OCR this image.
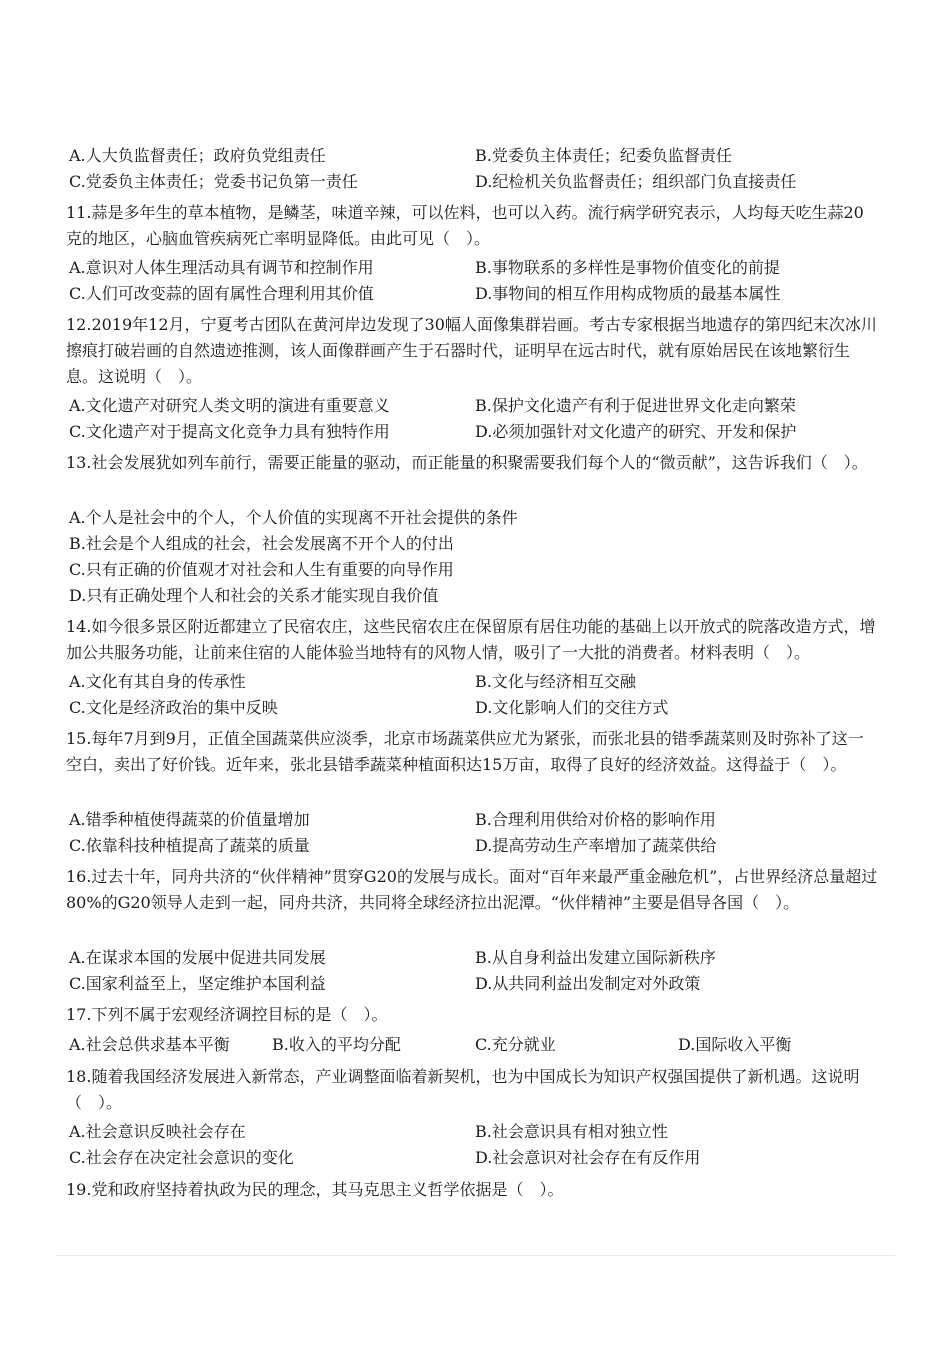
A.人大负监督责任；政府负党组责任	B.党委负主体责任；纪委负监督责任
C.党委负主体责任；党委书记负第一责任	D.纪检机关负监督责任；组织部门负直接责任
11.蒜是多年生的草本植物，是鳞茎，味道辛辣，可以佐料，也可以入药。流行病学研究表示，人均每天吃生蒜20克的地区，心脑血管疾病死亡率明显降低。由此可见（　）。
A.意识对人体生理活动具有调节和控制作用	B.事物联系的多样性是事物价值变化的前提
C.人们可改变蒜的固有属性合理利用其价值	D.事物间的相互作用构成物质的最基本属性
12.2019年12月，宁夏考古团队在黄河岸边发现了30幅人面像集群岩画。考古专家根据当地遗存的第四纪末次冰川擦痕打破岩画的自然遗迹推测，该人面像群画产生于石器时代，证明早在远古时代，就有原始居民在该地繁衍生息。这说明（　）。
A.文化遗产对研究人类文明的演进有重要意义	B.保护文化遗产有利于促进世界文化走向繁荣
C.文化遗产对于提高文化竞争力具有独特作用	D.必须加强针对文化遗产的研究、开发和保护
13.社会发展犹如列车前行，需要正能量的驱动，而正能量的积聚需要我们每个人的“微贡献”，这告诉我们（　）。
A.个人是社会中的个人，个人价值的实现离不开社会提供的条件
B.社会是个人组成的社会，社会发展离不开个人的付出
C.只有正确的价值观才对社会和人生有重要的向导作用
D.只有正确处理个人和社会的关系才能实现自我价值
14.如今很多景区附近都建立了民宿农庄，这些民宿农庄在保留原有居住功能的基础上以开放式的院落改造方式，增加公共服务功能，让前来住宿的人能体验当地特有的风物人情，吸引了一大批的消费者。材料表明（　）。
A.文化有其自身的传承性	B.文化与经济相互交融
C.文化是经济政治的集中反映	D.文化影响人们的交往方式
15.每年7月到9月，正值全国蔬菜供应淡季，北京市场蔬菜供应尤为紧张，而张北县的错季蔬菜则及时弥补了这一空白，卖出了好价钱。近年来，张北县错季蔬菜种植面积达15万亩，取得了良好的经济效益。这得益于（　）。
A.错季种植使得蔬菜的价值量增加	B.合理利用供给对价格的影响作用
C.依靠科技种植提高了蔬菜的质量	D.提高劳动生产率增加了蔬菜供给
16.过去十年，同舟共济的“伙伴精神”贯穿G20的发展与成长。面对“百年来最严重金融危机”，占世界经济总量超过80%的G20领导人走到一起，同舟共济，共同将全球经济拉出泥潭。“伙伴精神”主要是倡导各国（　）。
A.在谋求本国的发展中促进共同发展	B.从自身利益出发建立国际新秩序
C.国家利益至上，坚定维护本国利益	D.从共同利益出发制定对外政策
17.下列不属于宏观经济调控目标的是（　）。
A.社会总供求基本平衡	B.收入的平均分配	C.充分就业	D.国际收入平衡
18.随着我国经济发展进入新常态，产业调整面临着新契机，也为中国成长为知识产权强国提供了新机遇。这说明（　）。
A.社会意识反映社会存在	B.社会意识具有相对独立性
C.社会存在决定社会意识的变化	D.社会意识对社会存在有反作用
19.党和政府坚持着执政为民的理念，其马克思主义哲学依据是（　）。
